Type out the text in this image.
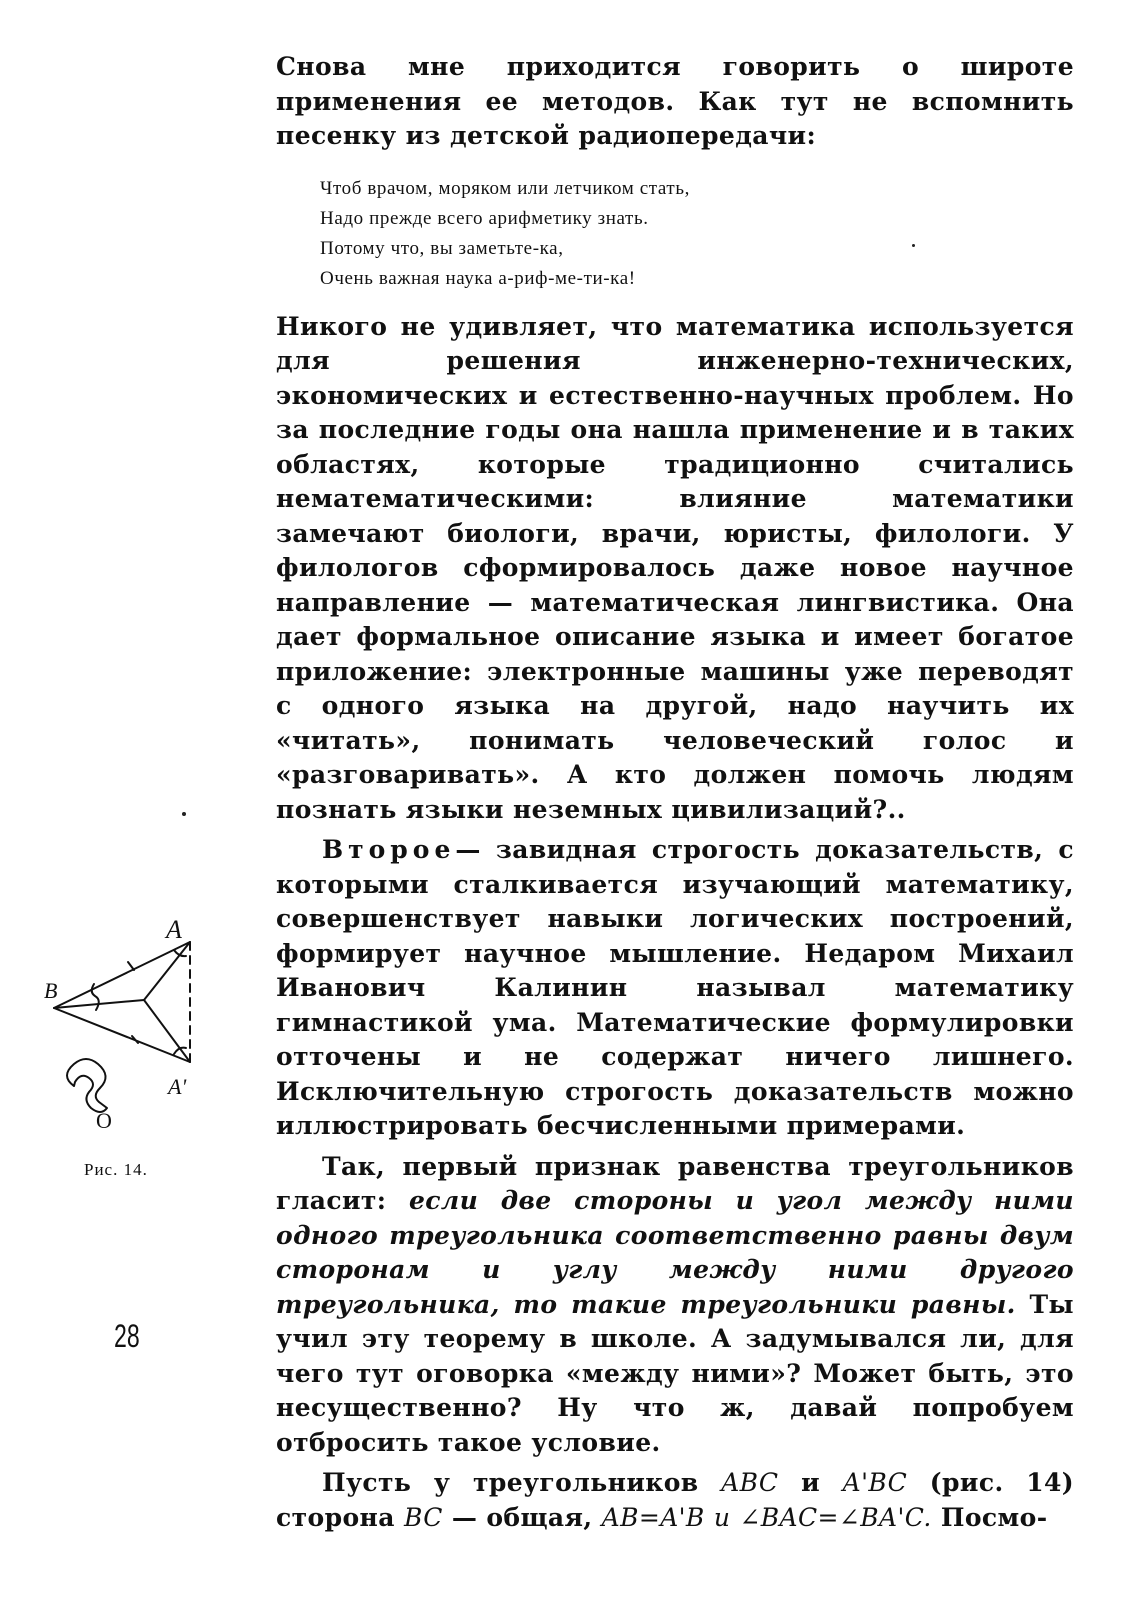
Снова мне приходится говорить о широте применения ее методов. Как тут не вспомнить песенку из детской радиопередачи:

Чтоб врачом, моряком или летчиком стать,
Надо прежде всего арифметику знать.
Потому что, вы заметьте-ка,
Очень важная наука а-риф-ме-ти-ка!

Никого не удивляет, что математика используется для решения инженерно-технических, экономических и естественно-научных проблем. Но за последние годы она нашла применение и в таких областях, которые традиционно считались нематематическими: влияние математики замечают биологи, врачи, юристы, филологи. У филологов сформировалось даже новое научное направление — математическая лингвистика. Она дает формальное описание языка и имеет богатое приложение: электронные машины уже переводят с одного языка на другой, надо научить их «читать», понимать человеческий голос и «разговаривать». А кто должен помочь людям познать языки неземных цивилизаций?..

Второе— завидная строгость доказательств, с которыми сталкивается изучающий математику, совершенствует навыки логических построений, формирует научное мышление. Недаром Михаил Иванович Калинин называл математику гимнастикой ума. Математические формулировки отточены и не содержат ничего лишнего. Исключительную строгость доказательств можно иллюстрировать бесчисленными примерами.

Так, первый признак равенства треугольников гласит: если две стороны и угол между ними одного треугольника соответственно равны двум сторонам и углу между ними другого треугольника, то такие треугольники равны. Ты учил эту теорему в школе. А задумывался ли, для чего тут оговорка «между ними»? Может быть, это несущественно? Ну что ж, давай попробуем отбросить такое условие.

Пусть у треугольников ABC и A'BC (рис. 14) сторона BC — общая, AB=A'B и ∠BAC=∠BA'C. Посмо-

B
A
A'
O
Рис. 14.
28
